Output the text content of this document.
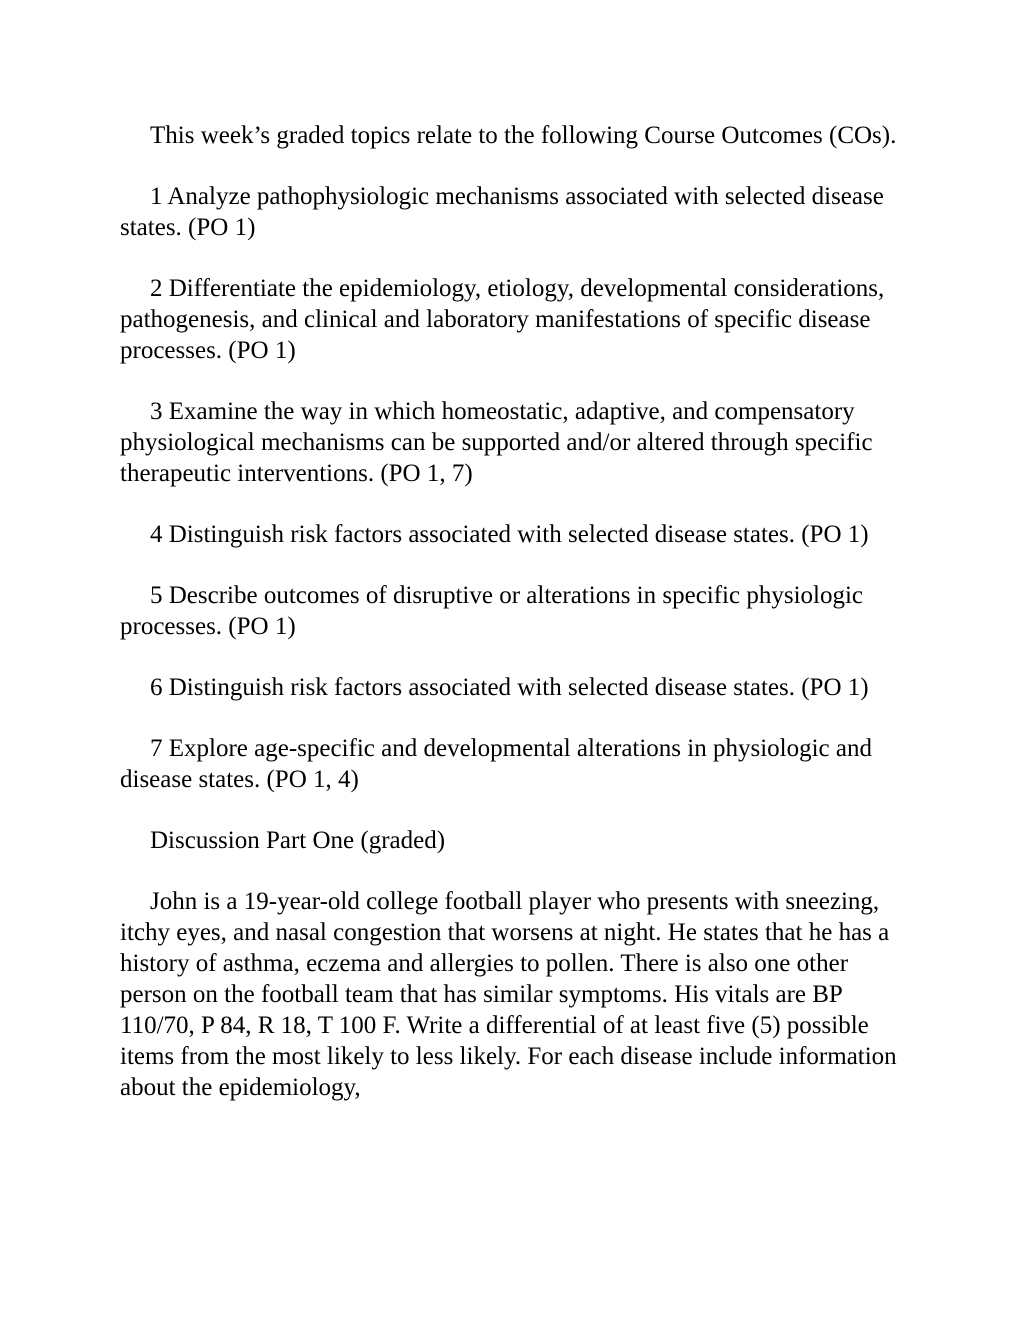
This week’s graded topics relate to the following Course Outcomes (COs).

1 Analyze pathophysiologic mechanisms associated with selected disease states. (PO 1)

2 Differentiate the epidemiology, etiology, developmental considerations, pathogenesis, and clinical and laboratory manifestations of specific disease processes. (PO 1)

3 Examine the way in which homeostatic, adaptive, and compensatory physiological mechanisms can be supported and/or altered through specific therapeutic interventions. (PO 1, 7)

4 Distinguish risk factors associated with selected disease states. (PO 1)

5 Describe outcomes of disruptive or alterations in specific physiologic processes. (PO 1)

6 Distinguish risk factors associated with selected disease states. (PO 1)

7 Explore age-specific and developmental alterations in physiologic and disease states. (PO 1, 4)

Discussion Part One (graded)

John is a 19-year-old college football player who presents with sneezing, itchy eyes, and nasal congestion that worsens at night. He states that he has a history of asthma, eczema and allergies to pollen. There is also one other person on the football team that has similar symptoms. His vitals are BP 110/70, P 84, R 18, T 100 F. Write a differential of at least five (5) possible items from the most likely to less likely. For each disease include information about the epidemiology,
